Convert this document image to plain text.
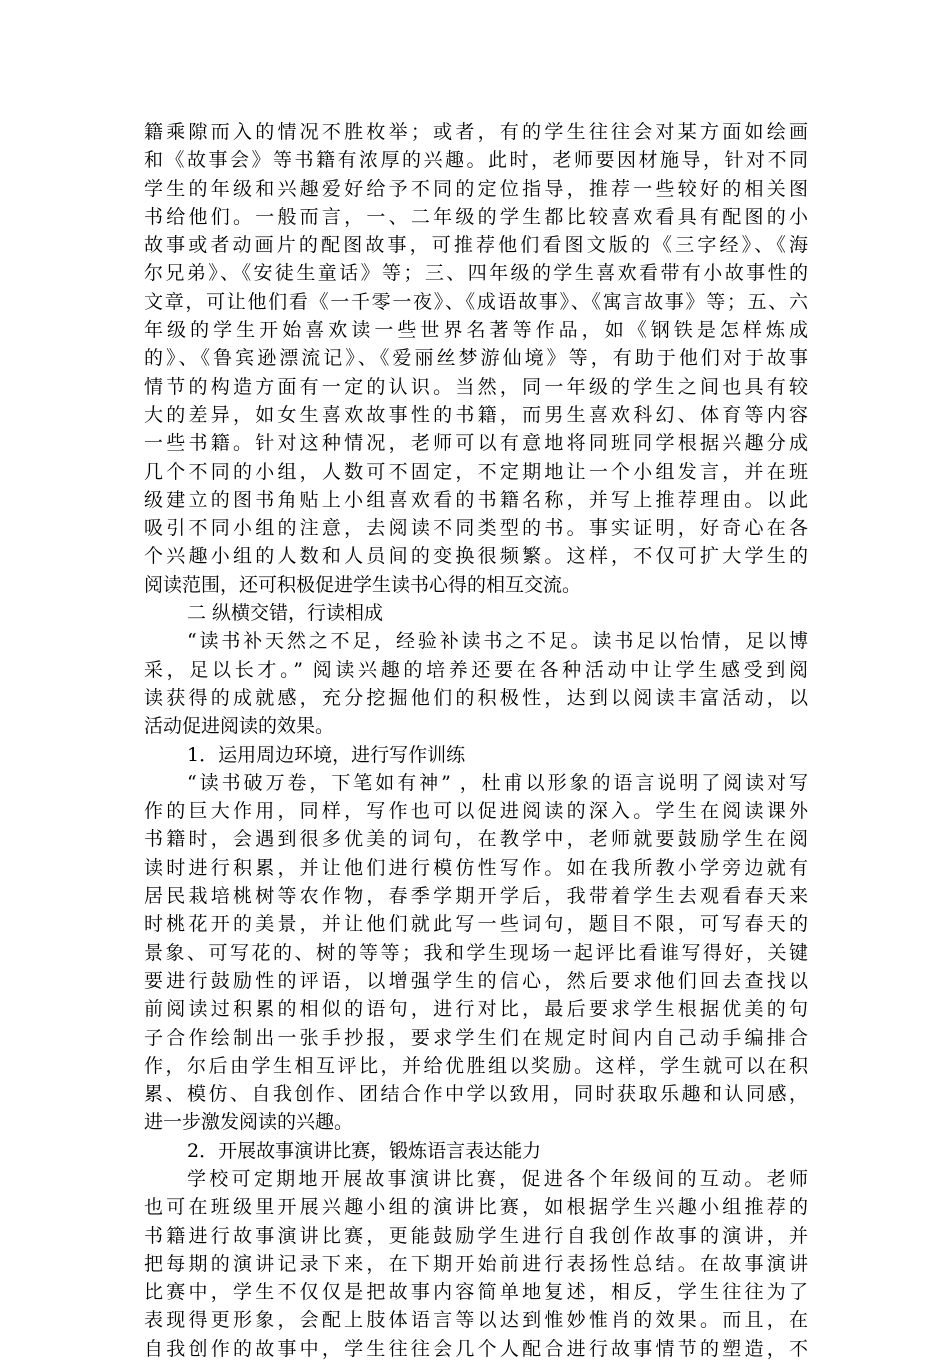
籍乘隙而入的情况不胜枚举；或者，有的学生往往会对某方面如绘画
和《故事会》等书籍有浓厚的兴趣。此时，老师要因材施导，针对不同
学生的年级和兴趣爱好给予不同的定位指导，推荐一些较好的相关图
书给他们。一般而言，一、二年级的学生都比较喜欢看具有配图的小
故事或者动画片的配图故事，可推荐他们看图文版的《三字经》、《海
尔兄弟》、《安徒生童话》等；三、四年级的学生喜欢看带有小故事性的
文章，可让他们看《一千零一夜》、《成语故事》、《寓言故事》等；五、六
年级的学生开始喜欢读一些世界名著等作品，如《钢铁是怎样炼成
的》、《鲁宾逊漂流记》、《爱丽丝梦游仙境》等，有助于他们对于故事
情节的构造方面有一定的认识。当然，同一年级的学生之间也具有较
大的差异，如女生喜欢故事性的书籍，而男生喜欢科幻、体育等内容
一些书籍。针对这种情况，老师可以有意地将同班同学根据兴趣分成
几个不同的小组，人数可不固定，不定期地让一个小组发言，并在班
级建立的图书角贴上小组喜欢看的书籍名称，并写上推荐理由。以此
吸引不同小组的注意，去阅读不同类型的书。事实证明，好奇心在各
个兴趣小组的人数和人员间的变换很频繁。这样，不仅可扩大学生的
阅读范围，还可积极促进学生读书心得的相互交流。
二 纵横交错，行读相成
“读书补天然之不足，经验补读书之不足。读书足以怡情，足以博
采，足以长才。” 阅读兴趣的培养还要在各种活动中让学生感受到阅
读获得的成就感，充分挖掘他们的积极性，达到以阅读丰富活动，以
活动促进阅读的效果。
1．运用周边环境，进行写作训练
“读书破万卷，下笔如有神” ，杜甫以形象的语言说明了阅读对写
作的巨大作用，同样，写作也可以促进阅读的深入。学生在阅读课外
书籍时，会遇到很多优美的词句，在教学中，老师就要鼓励学生在阅
读时进行积累，并让他们进行模仿性写作。如在我所教小学旁边就有
居民栽培桃树等农作物，春季学期开学后，我带着学生去观看春天来
时桃花开的美景，并让他们就此写一些词句，题目不限，可写春天的
景象、可写花的、树的等等；我和学生现场一起评比看谁写得好，关键
要进行鼓励性的评语，以增强学生的信心，然后要求他们回去查找以
前阅读过积累的相似的语句，进行对比，最后要求学生根据优美的句
子合作绘制出一张手抄报，要求学生们在规定时间内自己动手编排合
作，尔后由学生相互评比，并给优胜组以奖励。这样，学生就可以在积
累、模仿、自我创作、团结合作中学以致用，同时获取乐趣和认同感，
进一步激发阅读的兴趣。
2．开展故事演讲比赛，锻炼语言表达能力
学校可定期地开展故事演讲比赛，促进各个年级间的互动。老师
也可在班级里开展兴趣小组的演讲比赛，如根据学生兴趣小组推荐的
书籍进行故事演讲比赛，更能鼓励学生进行自我创作故事的演讲，并
把每期的演讲记录下来，在下期开始前进行表扬性总结。在故事演讲
比赛中，学生不仅仅是把故事内容简单地复述，相反，学生往往为了
表现得更形象，会配上肢体语言等以达到惟妙惟肖的效果。而且，在
自我创作的故事中，学生往往会几个人配合进行故事情节的塑造，不
